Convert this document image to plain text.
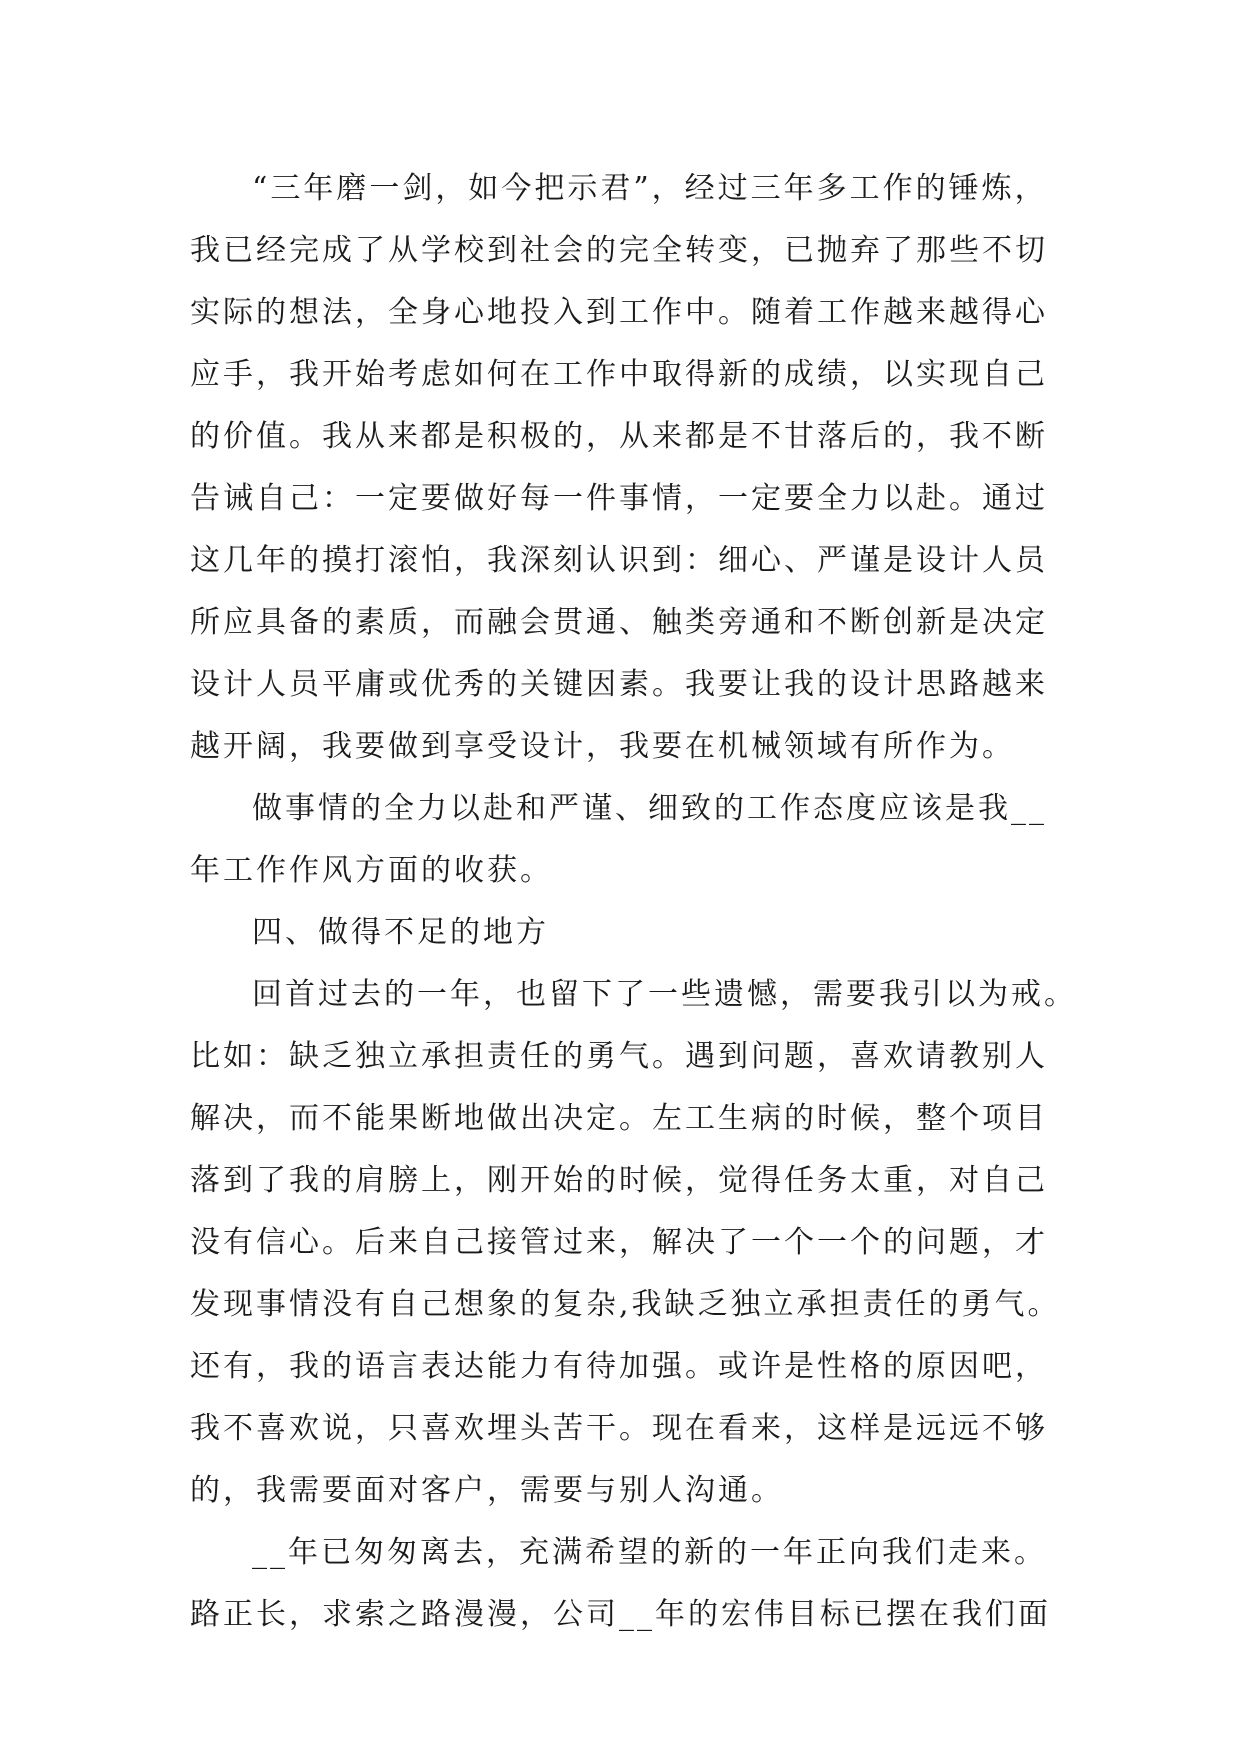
“三年磨一剑，如今把示君”，经过三年多工作的锤炼，
我已经完成了从学校到社会的完全转变，已抛弃了那些不切
实际的想法，全身心地投入到工作中。随着工作越来越得心
应手，我开始考虑如何在工作中取得新的成绩，以实现自己
的价值。我从来都是积极的，从来都是不甘落后的，我不断
告诫自己：一定要做好每一件事情，一定要全力以赴。通过
这几年的摸打滚怕，我深刻认识到：细心、严谨是设计人员
所应具备的素质，而融会贯通、触类旁通和不断创新是决定
设计人员平庸或优秀的关键因素。我要让我的设计思路越来
越开阔，我要做到享受设计，我要在机械领域有所作为。
做事情的全力以赴和严谨、细致的工作态度应该是我__
年工作作风方面的收获。
四、做得不足的地方
回首过去的一年，也留下了一些遗憾，需要我引以为戒。
比如：缺乏独立承担责任的勇气。遇到问题，喜欢请教别人
解决，而不能果断地做出决定。左工生病的时候，整个项目
落到了我的肩膀上，刚开始的时候，觉得任务太重，对自己
没有信心。后来自己接管过来，解决了一个一个的问题，才
发现事情没有自己想象的复杂,我缺乏独立承担责任的勇气。
还有，我的语言表达能力有待加强。或许是性格的原因吧，
我不喜欢说，只喜欢埋头苦干。现在看来，这样是远远不够
的，我需要面对客户，需要与别人沟通。
__年已匆匆离去，充满希望的新的一年正向我们走来。
路正长，求索之路漫漫，公司__年的宏伟目标已摆在我们面
